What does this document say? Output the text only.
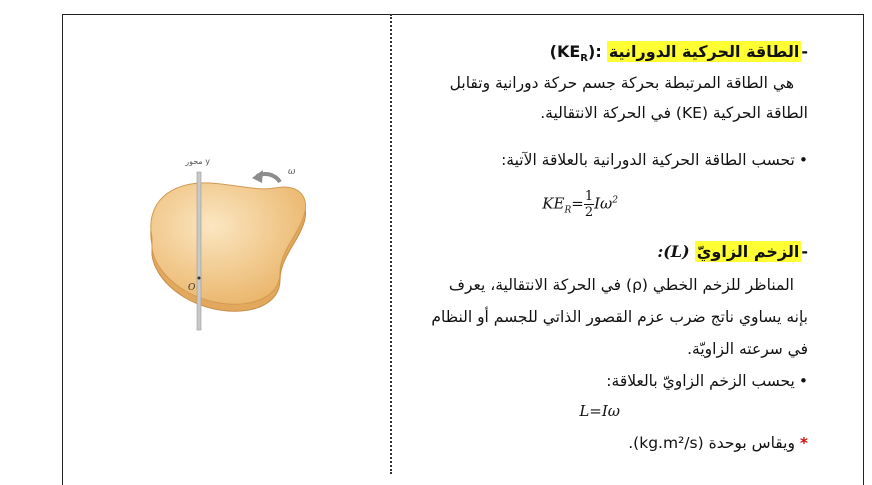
-الطاقة الحركية الدورانية $(KE_R)$:
هي الطاقة المرتبطة بحركة جسم حركة دورانية وتقابل
الطاقة الحركية (KE) في الحركة الانتقالية.
•تحسب الطاقة الحركية الدورانية بالعلاقة الآتية:
$KE_R= \frac{1}{2} I\omega^2$
-الزخم الزاويّ (L):
المناظر للزخم الخطي (ρ) في الحركة الانتقالية، يعرف
بإنه يساوي ناتج ضرب عزم القصور الذاتي للجسم أو النظام
في سرعته الزاويّة.
•يحسب الزخم الزاويّ بالعلاقة:
L=Iω
* ويقاس بوحدة (kg.m²/s).
محور y
ω
O
